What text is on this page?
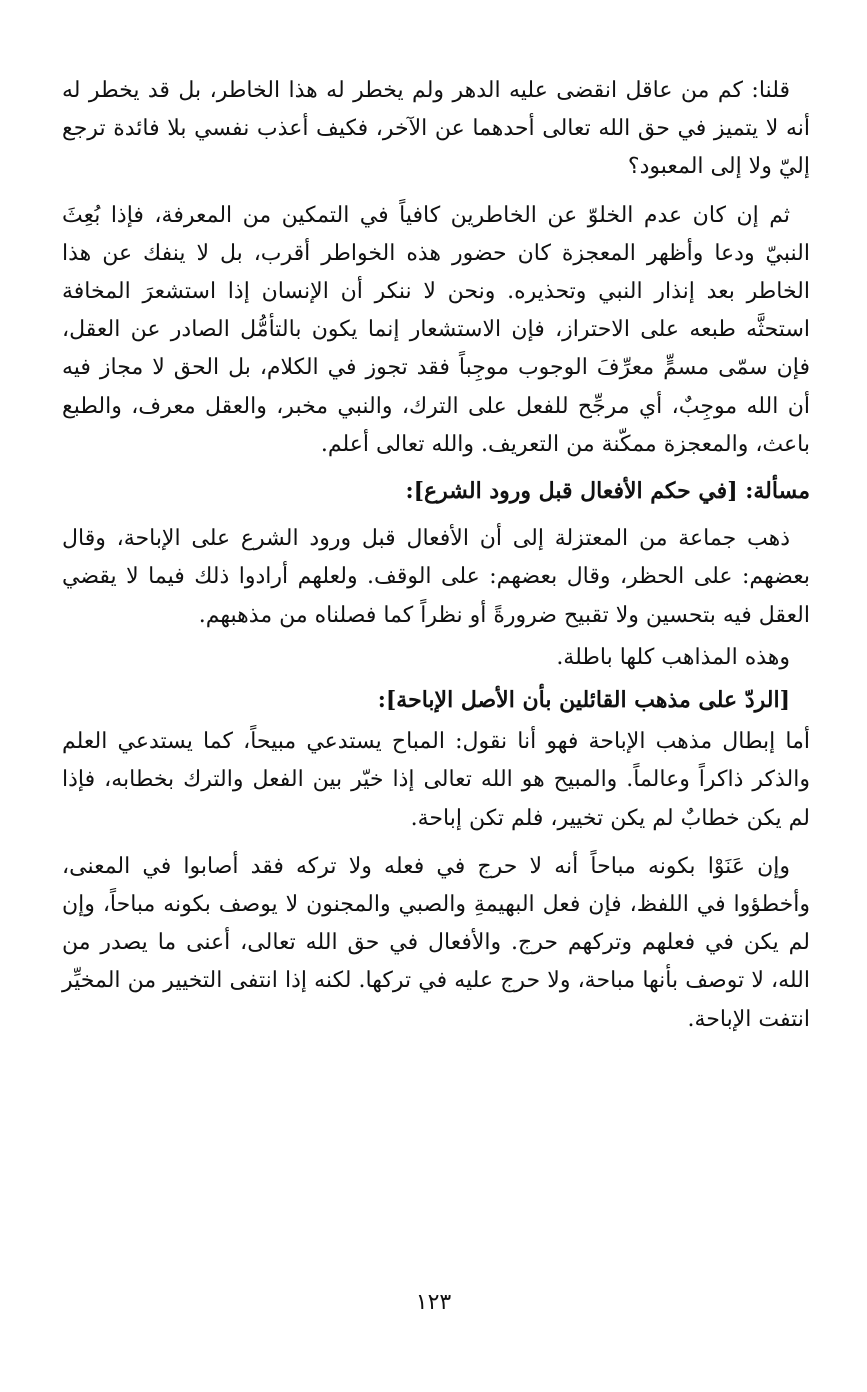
قلنا: كم من عاقل انقضى عليه الدهر ولم يخطر له هذا الخاطر، بل قد يخطر له أنه لا يتميز في حق الله تعالى أحدهما عن الآخر، فكيف أعذب نفسي بلا فائدة ترجع إليّ ولا إلى المعبود؟

ثم إن كان عدم الخلوّ عن الخاطرين كافياً في التمكين من المعرفة، فإذا بُعِثَ النبيّ ودعا وأظهر المعجزة كان حضور هذه الخواطر أقرب، بل لا ينفك عن هذا الخاطر بعد إنذار النبي وتحذيره. ونحن لا ننكر أن الإنسان إذا استشعرَ المخافة استحثَّه طبعه على الاحتراز، فإن الاستشعار إنما يكون بالتأمُّل الصادر عن العقل، فإن سمّى مسمٍّ معرِّفَ الوجوب موجِباً فقد تجوز في الكلام، بل الحق لا مجاز فيه أن الله موجِبٌ، أي مرجِّح للفعل على الترك، والنبي مخبر، والعقل معرف، والطبع باعث، والمعجزة ممكّنة من التعريف. والله تعالى أعلم.

مسألة: [في حكم الأفعال قبل ورود الشرع]:

ذهب جماعة من المعتزلة إلى أن الأفعال قبل ورود الشرع على الإباحة، وقال بعضهم: على الحظر، وقال بعضهم: على الوقف. ولعلهم أرادوا ذلك فيما لا يقضي العقل فيه بتحسين ولا تقبيح ضرورةً أو نظراً كما فصلناه من مذهبهم.

وهذه المذاهب كلها باطلة.

[الردّ على مذهب القائلين بأن الأصل الإباحة]:

أما إبطال مذهب الإباحة فهو أنا نقول: المباح يستدعي مبيحاً، كما يستدعي العلم والذكر ذاكراً وعالماً. والمبيح هو الله تعالى إذا خيّر بين الفعل والترك بخطابه، فإذا لم يكن خطابٌ لم يكن تخيير، فلم تكن إباحة.

وإن عَنَوْا بكونه مباحاً أنه لا حرج في فعله ولا تركه فقد أصابوا في المعنى، وأخطؤوا في اللفظ، فإن فعل البهيمةِ والصبي والمجنون لا يوصف بكونه مباحاً، وإن لم يكن في فعلهم وتركهم حرج. والأفعال في حق الله تعالى، أعنى ما يصدر من الله، لا توصف بأنها مباحة، ولا حرج عليه في تركها. لكنه إذا انتفى التخيير من المخيِّر انتفت الإباحة.

١٢٣
